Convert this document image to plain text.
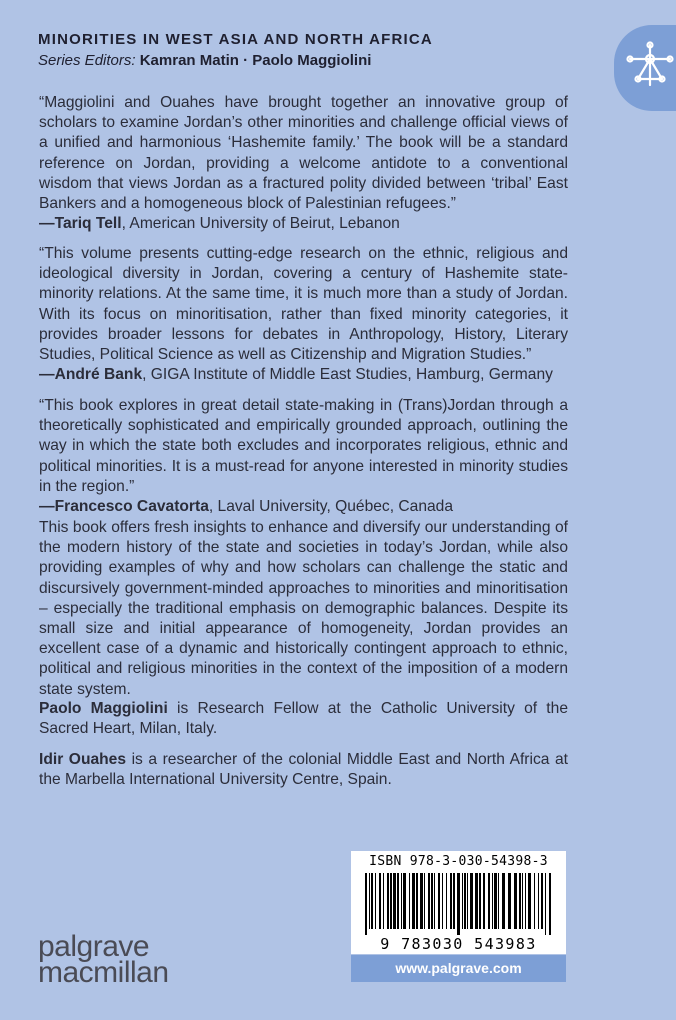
MINORITIES IN WEST ASIA AND NORTH AFRICA
Series Editors: Kamran Matin · Paolo Maggiolini

“Maggiolini and Ouahes have brought together an innovative group of scholars to examine Jordan’s other minorities and challenge official views of a unified and harmonious ‘Hashemite family.’ The book will be a standard reference on Jordan, providing a welcome antidote to a conventional wisdom that views Jordan as a fractured polity divided between ‘tribal’ East Bankers and a homogeneous block of Palestinian refugees.”

—Tariq Tell, American University of Beirut, Lebanon

“This volume presents cutting-edge research on the ethnic, religious and ideological diversity in Jordan, covering a century of Hashemite state-minority relations. At the same time, it is much more than a study of Jordan. With its focus on minoritisation, rather than fixed minority categories, it provides broader lessons for debates in Anthropology, History, Literary Studies, Political Science as well as Citizenship and Migration Studies.”

—André Bank, GIGA Institute of Middle East Studies, Hamburg, Germany

“This book explores in great detail state-making in (Trans)Jordan through a theoretically sophisticated and empirically grounded approach, outlining the way in which the state both excludes and incorporates religious, ethnic and political minorities. It is a must-read for anyone interested in minority studies in the region.”

—Francesco Cavatorta, Laval University, Québec, Canada

This book offers fresh insights to enhance and diversify our understanding of the modern history of the state and societies in today’s Jordan, while also providing examples of why and how scholars can challenge the static and discursively government-minded approaches to minorities and minoritisation – especially the traditional emphasis on demographic balances. Despite its small size and initial appearance of homogeneity, Jordan provides an excellent case of a dynamic and historically contingent approach to ethnic, political and religious minorities in the context of the imposition of a modern state system.

Paolo Maggiolini is Research Fellow at the Catholic University of the Sacred Heart, Milan, Italy.

Idir Ouahes is a researcher of the colonial Middle East and North Africa at the Marbella International University Centre, Spain.

ISBN 978-3-030-54398-3
9 783030 543983
www.palgrave.com
palgrave
macmillan
